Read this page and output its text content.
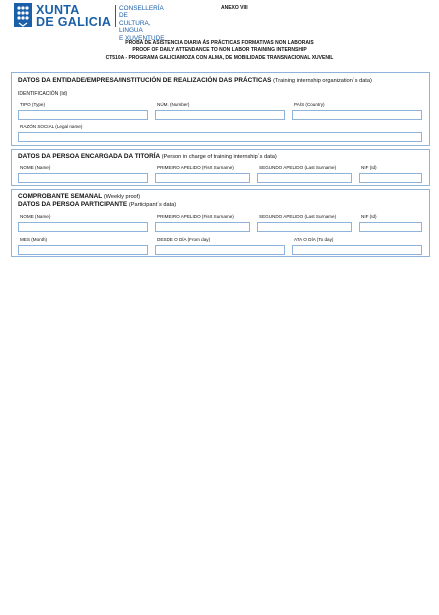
XUNTA
DE GALICIA
CONSELLERÍA DE
CULTURA, LINGUA
E XUVENTUDE
ANEXO VIII
PROBA DE ASISTENCIA DIARIA ÁS PRÁCTICAS FORMATIVAS NON LABORAIS
PROOF OF DAILY ATTENDANCE TO NON LABOR TRAINING INTERNSHIP
CT510A - PROGRAMA GALICIAMOZA CON ALMA, DE MOBILIDADE TRANSNACIONAL XUVENIL
DATOS DA ENTIDADE/EMPRESA/INSTITUCIÓN DE REALIZACIÓN DAS PRÁCTICAS (Training internship organization´s data)
IDENTIFICACIÓN (Id)
TIPO (Type)	NÚM. (Number)	PAÍS (Country)
RAZÓN SOCIAL (Legal name)
DATOS DA PERSOA ENCARGADA DA TITORÍA (Person in charge of training internship´s data)
NOME (Name)	PRIMEIRO APELIDO (Fisrt Surname)	SEGUNDO APELIDO (Last Surname)	NIF (Id)
COMPROBANTE SEMANAL (Weekly proof)
DATOS DA PERSOA PARTICIPANTE (Participant´s data)
NOME (Name)	PRIMEIRO APELIDO (Fisrt Surname)	SEGUNDO APELIDO (Last Surname)	NIF (Id)
MES (Month)	DESDE O DÍA (From day)	ATA O DÍA (To day)
